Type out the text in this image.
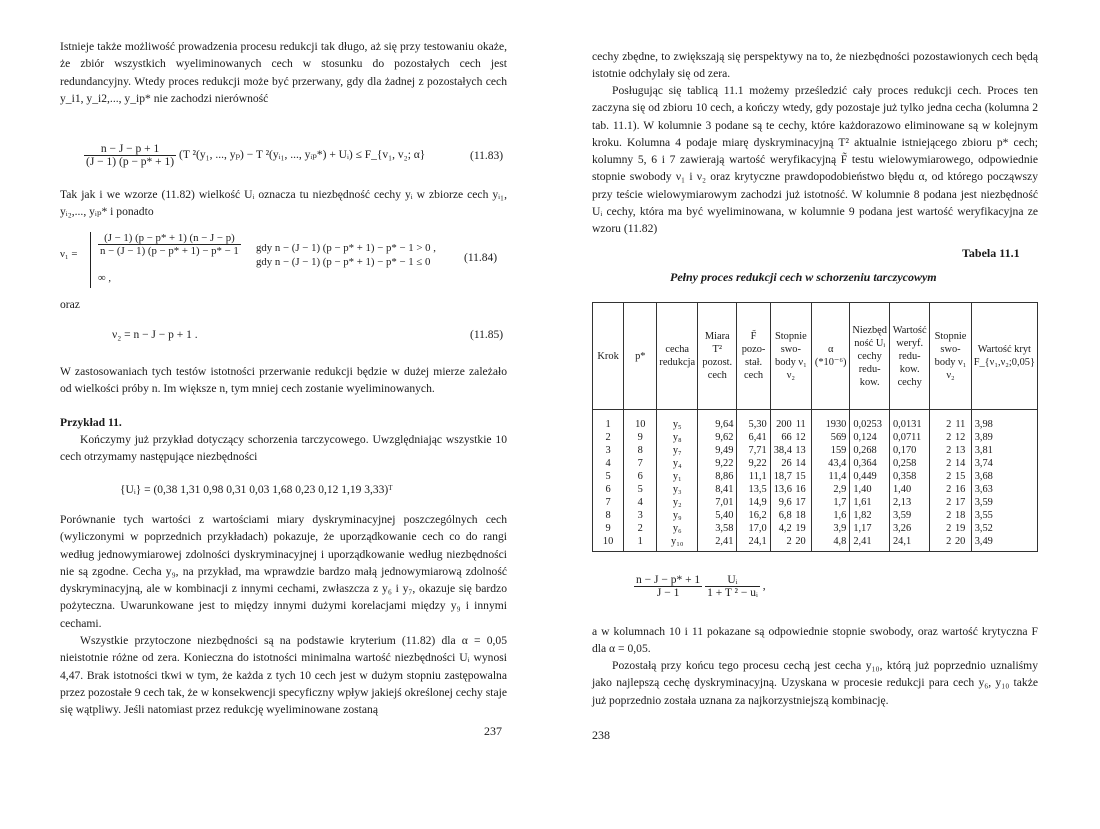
Istnieje także możliwość prowadzenia procesu redukcji tak długo, aż się przy testowaniu okaże, że zbiór wszystkich wyeliminowanych cech w stosunku do pozostałych cech jest redundancyjny. Wtedy proces redukcji może być przerwany, gdy dla żadnej z pozostałych cech y_i1, y_i2,..., y_ip* nie zachodzi nierówność

$\frac{n - J - p + 1}{(J - 1) (p - p* + 1)} (T$ ²(y₁, ..., yₚ) − T ²(yᵢ₁, ..., yᵢₚ*) + Uᵢ) ≤ F_{v₁, v₂; α}	(11.83)

Tak jak i we wzorze (11.82) wielkość Uᵢ oznacza tu niezbędność cechy yᵢ w zbiorze cech yᵢ₁, yᵢ₂,..., yᵢₚ* i ponadto

$\nu_1 = \frac{(J - 1) (p - p* + 1) (n - J - p)}{n - (J - 1) (p - p* + 1) - p* - 1}$
∞ ,
gdy n − (J − 1) (p − p* + 1) − p* − 1 > 0 ,
gdy n − (J − 1) (p − p* + 1) − p* − 1 ≤ 0	(11.84)

oraz

ν₂ = n − J − p + 1 .	(11.85)

W zastosowaniach tych testów istotności przerwanie redukcji będzie w dużej mierze zależało od wielkości próby n. Im większe n, tym mniej cech zostanie wyeliminowanych.

Przykład 11.

Kończymy już przykład dotyczący schorzenia tarczycowego. Uwzględniając wszystkie 10 cech otrzymamy następujące niezbędności

{Uᵢ} = (0,38 1,31 0,98 0,31 0,03 1,68 0,23 0,12 1,19 3,33)ᵀ

Porównanie tych wartości z wartościami miary dyskryminacyjnej poszczególnych cech (wyliczonymi w poprzednich przykładach) pokazuje, że uporządkowanie cech co do rangi według jednowymiarowej zdolności dyskryminacyjnej i uporządkowanie według niezbędności nie są zgodne. Cecha y₉, na przykład, ma wprawdzie bardzo małą jednowymiarową zdolność dyskryminacyjną, ale w kombinacji z innymi cechami, zwłaszcza z y₆ i y₇, okazuje się bardzo pożyteczna. Uwarunkowane jest to między innymi dużymi korelacjami między y₉ i innymi cechami.

Wszystkie przytoczone niezbędności są na podstawie kryterium (11.82) dla α = 0,05 nieistotnie różne od zera. Konieczna do istotności minimalna wartość niezbędności Uᵢ wynosi 4,47. Brak istotności tkwi w tym, że każda z tych 10 cech jest w dużym stopniu zastępowalna przez pozostałe 9 cech tak, że w konsekwencji specyficzny wpływ jakiejś określonej cechy staje się wątpliwy. Jeśli natomiast przez redukcję wyeliminowane zostaną

237

cechy zbędne, to zwiększają się perspektywy na to, że niezbędności pozostawionych cech będą istotnie odchylały się od zera.

Posługując się tablicą 11.1 możemy prześledzić cały proces redukcji cech. Proces ten zaczyna się od zbioru 10 cech, a kończy wtedy, gdy pozostaje już tylko jedna cecha (kolumna 2 tab. 11.1). W kolumnie 3 podane są te cechy, które każdorazowo eliminowane są w kolejnym kroku. Kolumna 4 podaje miarę dyskryminacyjną T² aktualnie istniejącego zbioru p* cech; kolumny 5, 6 i 7 zawierają wartość weryfikacyjną F̃ testu wielowymiarowego, odpowiednie stopnie swobody ν₁ i ν₂ oraz krytyczne prawdopodobieństwo błędu α, od którego począwszy przy teście wielowymiarowym zachodzi już istotność. W kolumnie 8 podana jest niezbędność Uᵢ cechy, która ma być wyeliminowana, w kolumnie 9 podana jest wartość weryfikacyjna ze wzoru (11.82)

Tabela 11.1
Pełny proces redukcji cech w schorzeniu tarczycowym
Krok	p*	cecha redukcja	Miara T² pozost. cech	F̃ pozo- stał. cech	Stopnie swo- body ν₁ ν₂	α (*10⁻⁶)	Niezbęd ność Uᵢ cechy redu- kow.	Wartość weryf. redu- kow. cechy	Stopnie swo- body ν₁ ν₂	Wartość kryt F_{ν₁,ν₂;0,05}
1	10	y₅	9,64	5,30	200 11	1930	0,0253	0,0131	2 11	3,98
2	9	y₈	9,62	6,41	66 12	569	0,124	0,0711	2 12	3,89
3	8	y₇	9,49	7,71	38,4 13	159	0,268	0,170	2 13	3,81
4	7	y₄	9,22	9,22	26 14	43,4	0,364	0,258	2 14	3,74
5	6	y₁	8,86	11,1	18,7 15	11,4	0,449	0,358	2 15	3,68
6	5	y₃	8,41	13,5	13,6 16	2,9	1,40	1,40	2 16	3,63
7	4	y₂	7,01	14,9	9,6 17	1,7	1,61	2,13	2 17	3,59
8	3	y₉	5,40	16,2	6,8 18	1,6	1,82	3,59	2 18	3,55
9	2	y₆	3,58	17,0	4,2 19	3,9	1,17	3,26	2 19	3,52
10	1	y₁₀	2,41	24,1	2 20	4,8	2,41	24,1	2 20	3,49
$\frac{n - J - p* + 1}{J - 1}$
$\frac{\text{Uᵢ}}{\text{1 + T ² − uᵢ}}$ ,

a w kolumnach 10 i 11 pokazane są odpowiednie stopnie swobody, oraz wartość krytyczna F dla α = 0,05.

Pozostałą przy końcu tego procesu cechą jest cecha y₁₀, którą już poprzednio uznaliśmy jako najlepszą cechę dyskryminacyjną. Uzyskana w procesie redukcji para cech y₆, y₁₀ także już poprzednio została uznana za najkorzystniejszą kombinację.

238
